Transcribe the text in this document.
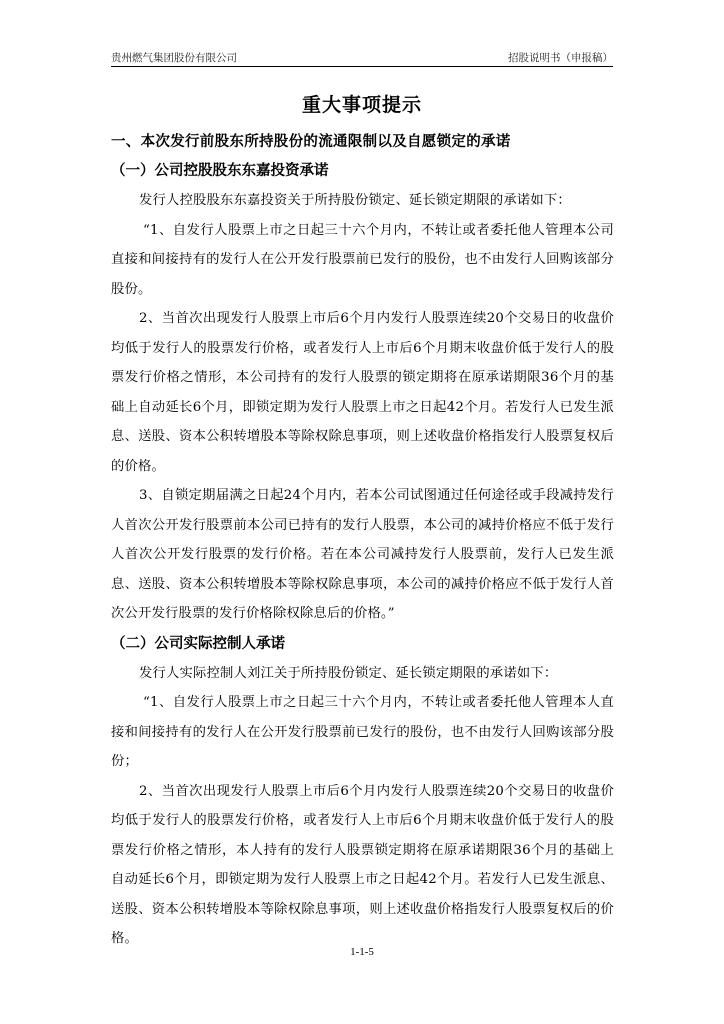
贵州燃气集团股份有限公司	招股说明书（申报稿）
重大事项提示
一、本次发行前股东所持股份的流通限制以及自愿锁定的承诺
（一）公司控股股东东嘉投资承诺
发行人控股股东东嘉投资关于所持股份锁定、延长锁定期限的承诺如下：
“1、自发行人股票上市之日起三十六个月内，不转让或者委托他人管理本公司直接和间接持有的发行人在公开发行股票前已发行的股份，也不由发行人回购该部分股份。
2、当首次出现发行人股票上市后6个月内发行人股票连续20个交易日的收盘价均低于发行人的股票发行价格，或者发行人上市后6个月期末收盘价低于发行人的股票发行价格之情形，本公司持有的发行人股票的锁定期将在原承诺期限36个月的基础上自动延长6个月，即锁定期为发行人股票上市之日起42个月。若发行人已发生派息、送股、资本公积转增股本等除权除息事项，则上述收盘价格指发行人股票复权后的价格。
3、自锁定期届满之日起24个月内，若本公司试图通过任何途径或手段减持发行人首次公开发行股票前本公司已持有的发行人股票，本公司的减持价格应不低于发行人首次公开发行股票的发行价格。若在本公司减持发行人股票前，发行人已发生派息、送股、资本公积转增股本等除权除息事项，本公司的减持价格应不低于发行人首次公开发行股票的发行价格除权除息后的价格。”
（二）公司实际控制人承诺
发行人实际控制人刘江关于所持股份锁定、延长锁定期限的承诺如下：
“1、自发行人股票上市之日起三十六个月内，不转让或者委托他人管理本人直接和间接持有的发行人在公开发行股票前已发行的股份，也不由发行人回购该部分股份；
2、当首次出现发行人股票上市后6个月内发行人股票连续20个交易日的收盘价均低于发行人的股票发行价格，或者发行人上市后6个月期末收盘价低于发行人的股票发行价格之情形，本人持有的发行人股票锁定期将在原承诺期限36个月的基础上自动延长6个月，即锁定期为发行人股票上市之日起42个月。若发行人已发生派息、送股、资本公积转增股本等除权除息事项，则上述收盘价格指发行人股票复权后的价格。
1-1-5
